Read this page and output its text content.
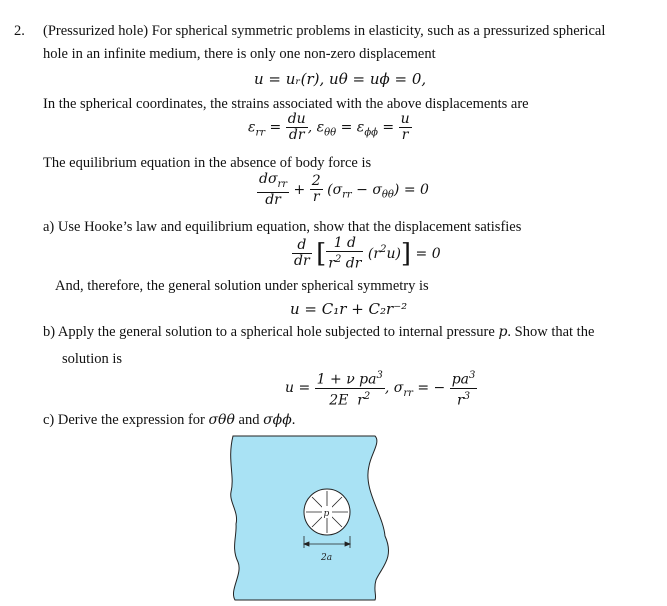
2. (Pressurized hole) For spherical symmetric problems in elasticity, such as a pressurized spherical
hole in an infinite medium, there is only one non-zero displacement
u = uᵣ(r), uθ = uϕ = 0,
In the spherical coordinates, the strains associated with the above displacements are
$\varepsilon_{rr} = \frac{du}{dr}$ , $\varepsilon_{\theta\theta} = \varepsilon_{\phi\phi} = \frac{u}{r}$
The equilibrium equation in the absence of body force is
$\frac{d\sigma_{rr}}{dr} + \frac{2}{r} (\sigma_{rr} - \sigma_{\theta\theta}) = 0$
a) Use Hooke’s law and equilibrium equation, show that the displacement satisfies
$\frac{d}{dr}$ [ $\frac{1 d}{r^2 dr} (r^2u)] = 0$
And, therefore, the general solution under spherical symmetry is
u = C₁r + C₂r⁻²
b) Apply the general solution to a spherical hole subjected to internal pressure p. Show that the
solution is
$u = \frac{1 + \nu pa^3}{2E r^2}$ , $\sigma_{rr}$ = − $\frac{pa^3}{r^3}$
c) Derive the expression for σθθ and σϕϕ.
p
2a
